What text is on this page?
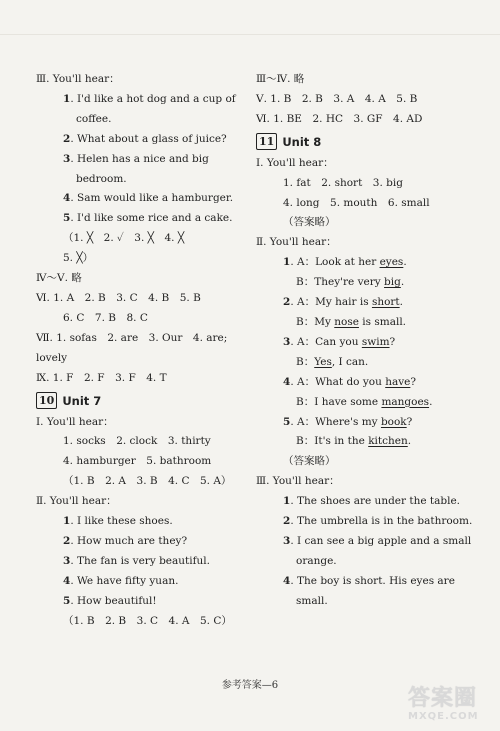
Ⅲ. You'll hear：
1. I'd like a hot dog and a cup of
coffee.
2. What about a glass of juice?
3. Helen has a nice and big
bedroom.
4. Sam would like a hamburger.
5. I'd like some rice and a cake.
（1. ╳　2. ✓　3. ╳　4. ╳
5. ╳）
Ⅳ～Ⅴ. 略
Ⅵ. 1. A　2. B　3. C　4. B　5. B
6. C　7. B　8. C
Ⅶ. 1. sofas　2. are　3. Our　4. are;
lovely
Ⅸ. 1. F　2. F　3. F　4. T
10 Unit 7
Ⅰ. You'll hear：
1. socks　2. clock　3. thirty
4. hamburger　5. bathroom
（1. B　2. A　3. B　4. C　5. A）
Ⅱ. You'll hear：
1. I like these shoes.
2. How much are they?
3. The fan is very beautiful.
4. We have fifty yuan.
5. How beautiful!
（1. B　2. B　3. C　4. A　5. C）
Ⅲ～Ⅳ. 略
Ⅴ. 1. B　2. B　3. A　4. A　5. B
Ⅵ. 1. BE　2. HC　3. GF　4. AD
11 Unit 8
Ⅰ. You'll hear：
1. fat　2. short　3. big
4. long　5. mouth　6. small
（答案略）
Ⅱ. You'll hear：
1. A：Look at her eyes.
B：They're very big.
2. A：My hair is short.
B：My nose is small.
3. A：Can you swim?
B：Yes, I can.
4. A：What do you have?
B：I have some mangoes.
5. A：Where's my book?
B：It's in the kitchen.
（答案略）
Ⅲ. You'll hear：
1. The shoes are under the table.
2. The umbrella is in the bathroom.
3. I can see a big apple and a small
orange.
4. The boy is short. His eyes are
small.
参考答案—6
答案圈
MXQE.COM
